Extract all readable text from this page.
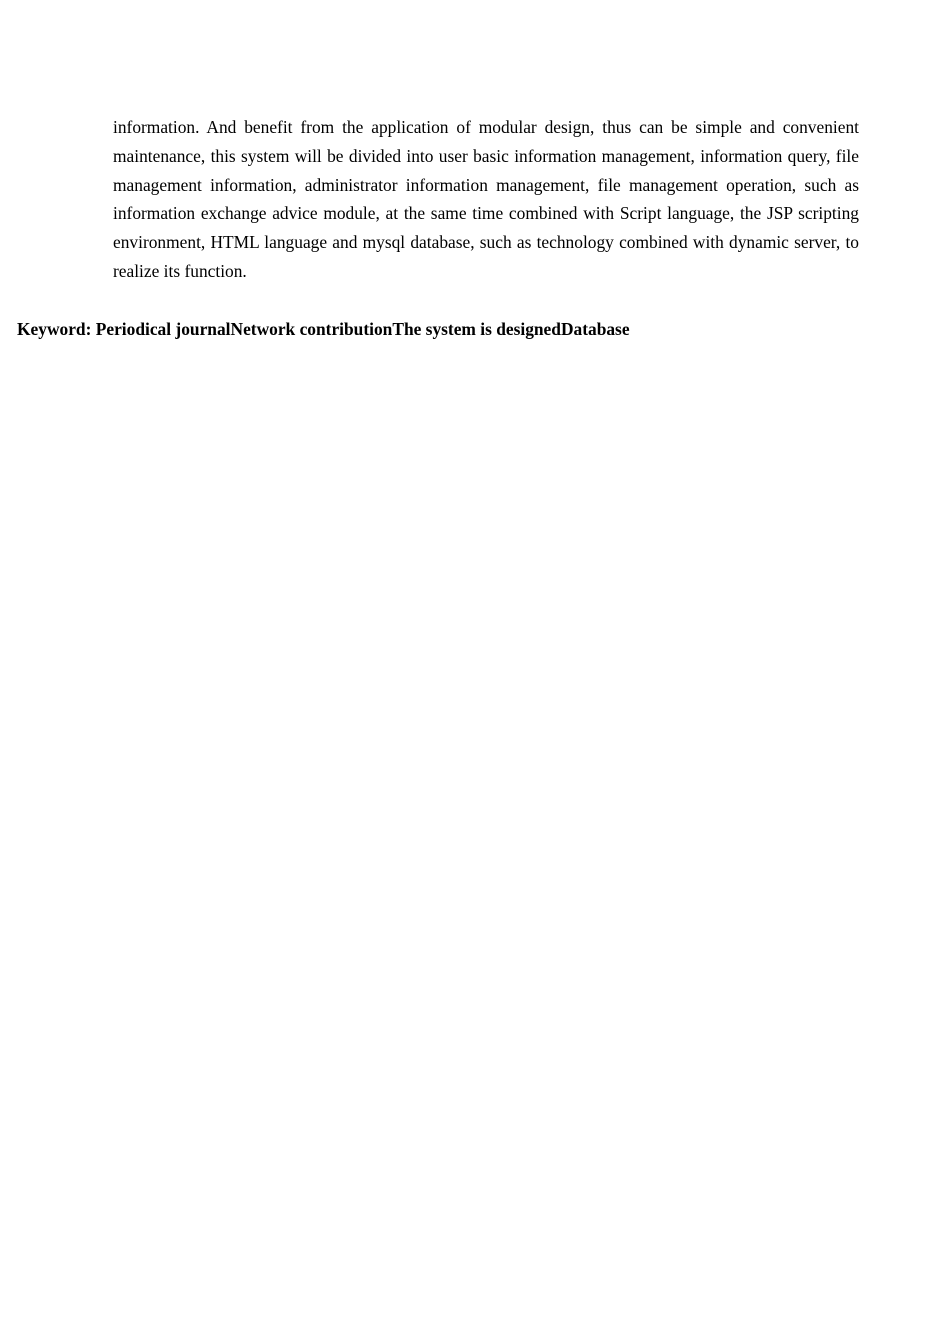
information. And benefit from the application of modular design, thus can be simple and convenient maintenance, this system will be divided into user basic information management, information query, file management information, administrator information management, file management operation, such as information exchange advice module, at the same time combined with Script language, the JSP scripting environment, HTML language and mysql database, such as technology combined with dynamic server, to realize its function.

Keyword: Periodical journalNetwork contributionThe system is designedDatabase
